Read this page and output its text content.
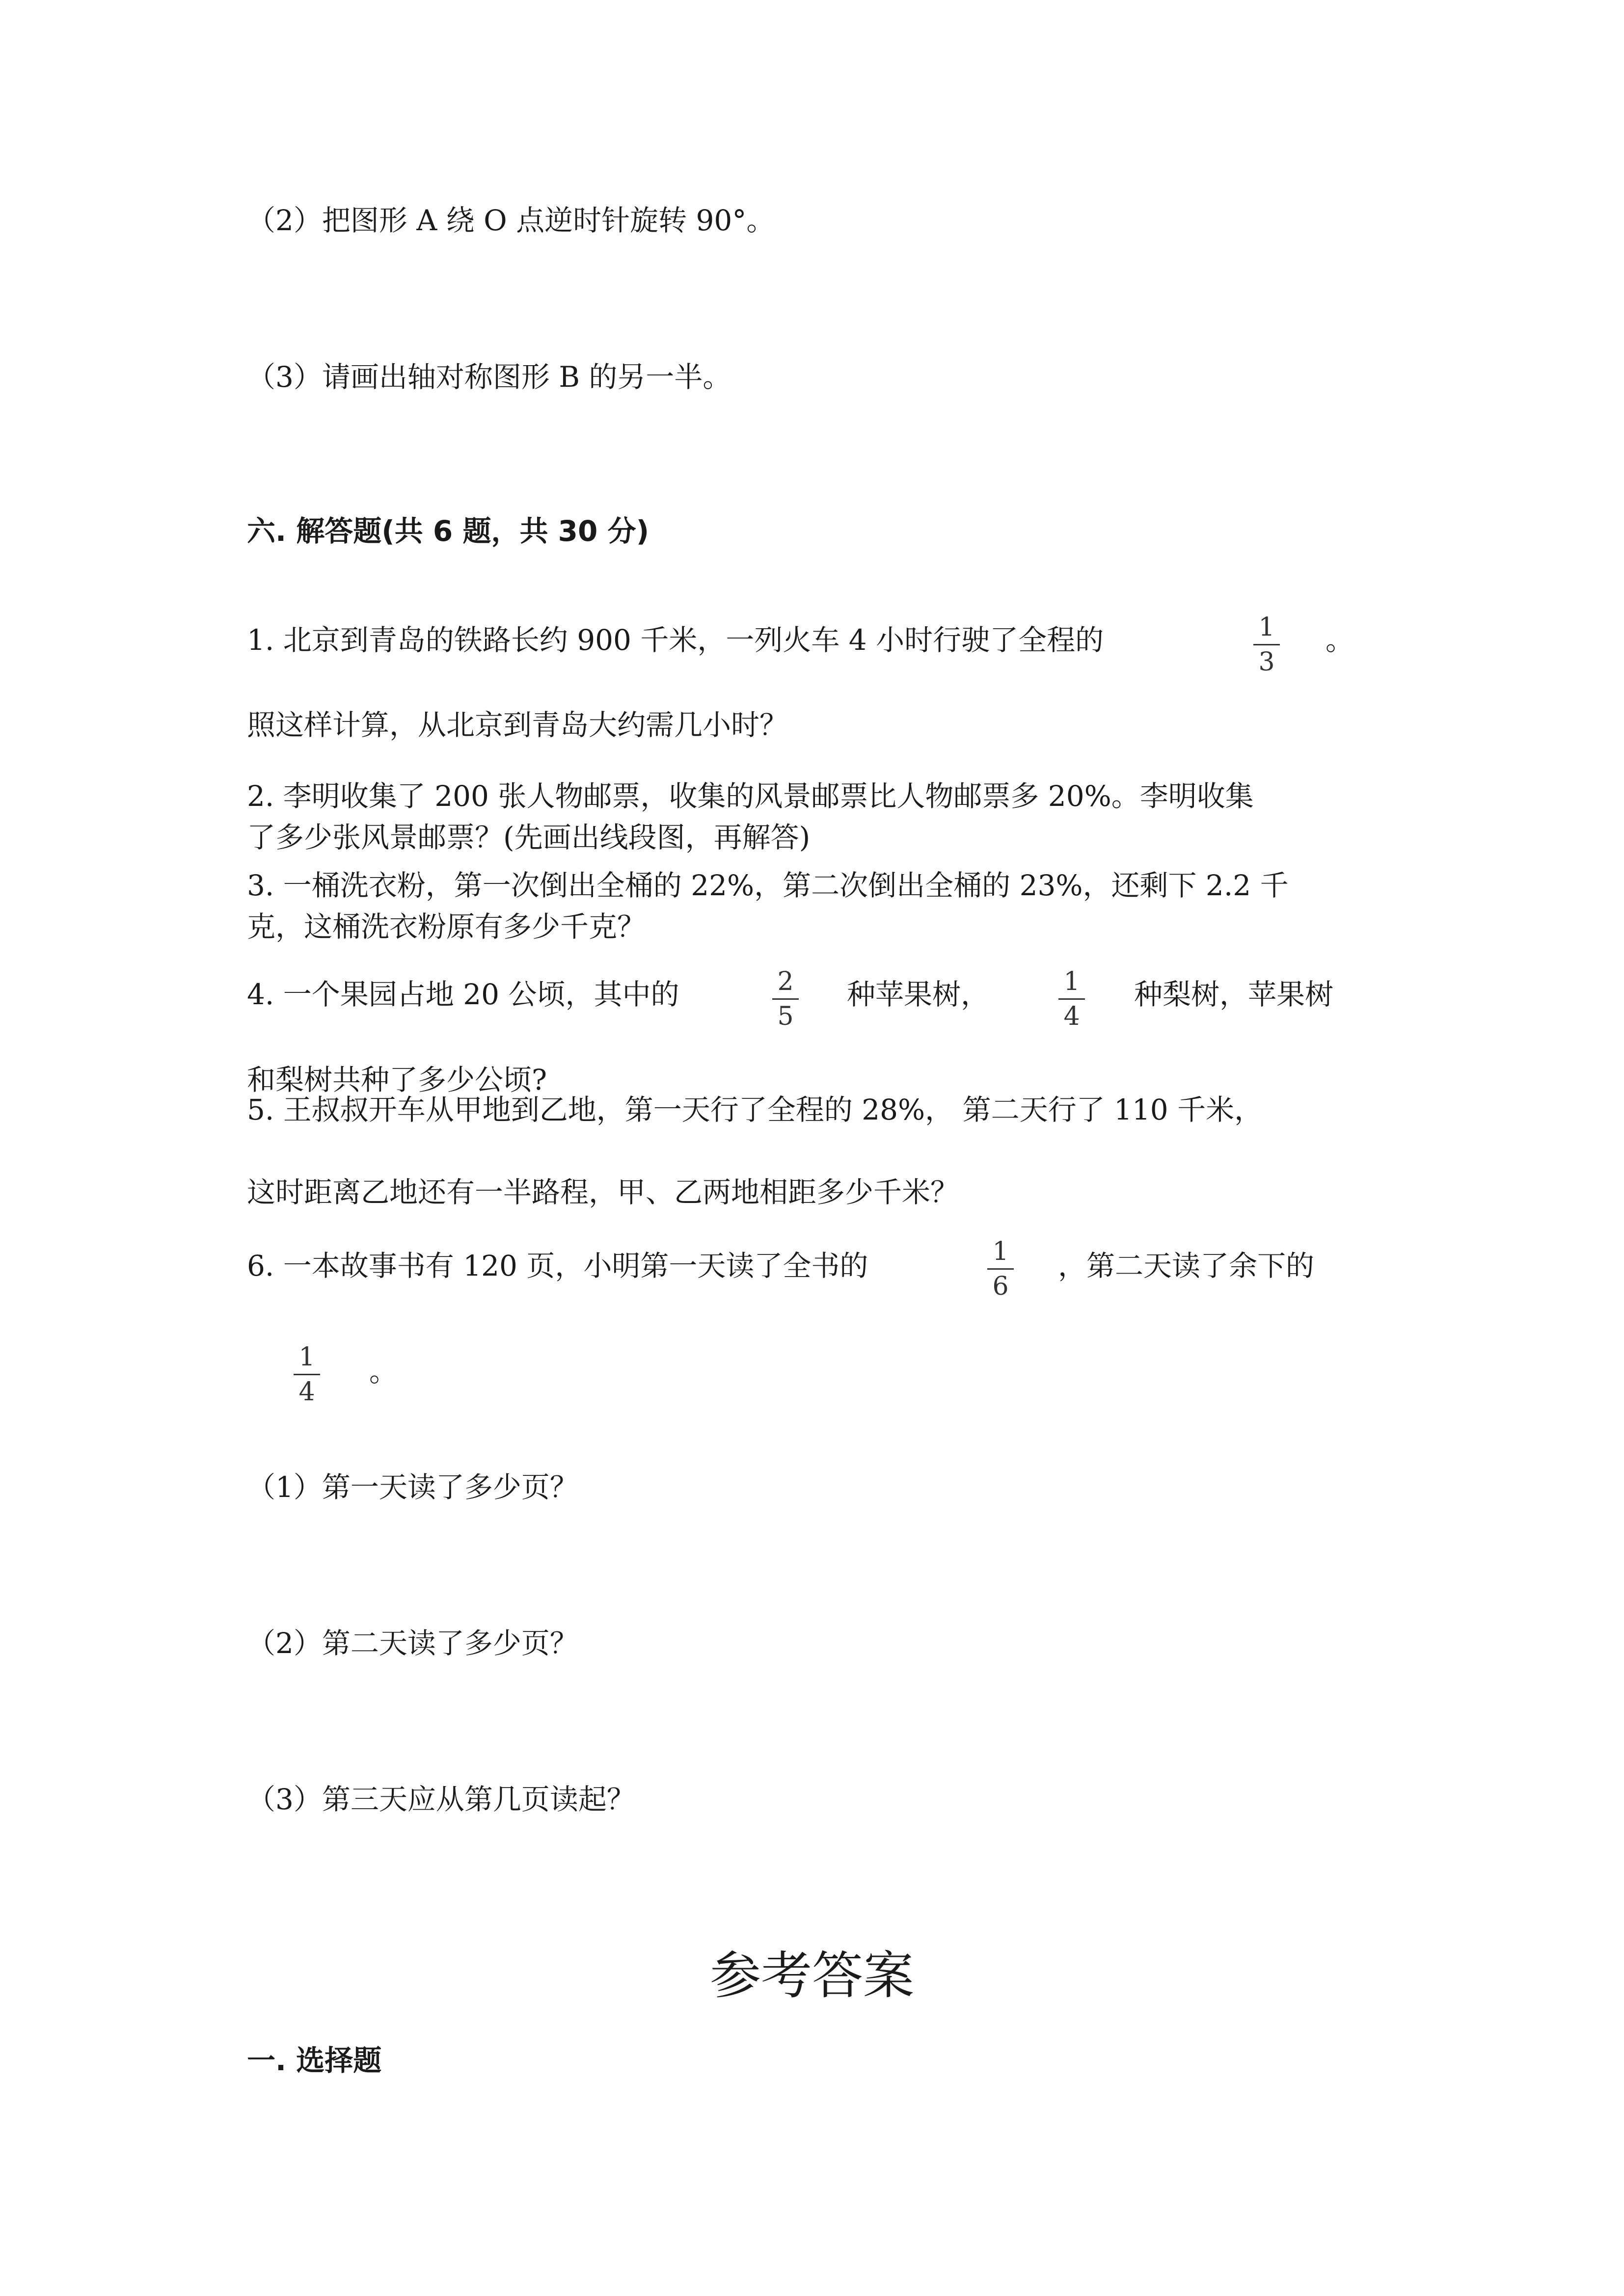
（2）把图形 A 绕 O 点逆时针旋转 90°。
（3）请画出轴对称图形 B 的另一半。
六. 解答题(共 6 题，共 30 分)
1. 北京到青岛的铁路长约 900 千米，一列火车 4 小时行驶了全程的	1
3
。
照这样计算，从北京到青岛大约需几小时？
2. 李明收集了 200 张人物邮票，收集的风景邮票比人物邮票多 20%。李明收集
了多少张风景邮票？(先画出线段图，再解答)
3. 一桶洗衣粉，第一次倒出全桶的 22%，第二次倒出全桶的 23%，还剩下 2.2 千
克，这桶洗衣粉原有多少千克？
4. 一个果园占地 20 公顷，其中的	2
5
种苹果树，	1
4
种梨树，苹果树
和梨树共种了多少公顷?
5. 王叔叔开车从甲地到乙地，第一天行了全程的 28%， 第二天行了 110 千米，
这时距离乙地还有一半路程，甲、乙两地相距多少千米？
6. 一本故事书有 120 页，小明第一天读了全书的	1
6
，第二天读了余下的
1
4
。
（1）第一天读了多少页？
（2）第二天读了多少页？
（3）第三天应从第几页读起？
参考答案
一. 选择题
